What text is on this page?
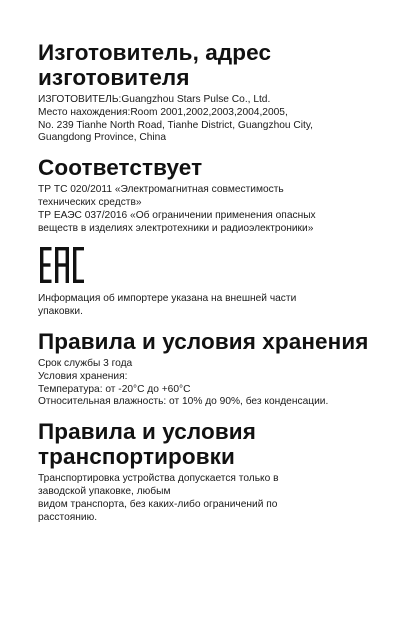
Изготовитель, адрес
изготовителя

ИЗГОТОВИТЕЛЬ:Guangzhou Stars Pulse Co., Ltd.
Место нахождения:Room 2001,2002,2003,2004,2005,
No. 239 Tianhe North Road, Tianhe District, Guangzhou City,
Guangdong Province, China

Соответствует

ТР ТС 020/2011 «Электромагнитная совместимость
технических средств»
ТР ЕАЭС 037/2016 «Об ограничении применения опасных
веществ в изделиях электротехники и радиоэлектроники»

Информация об импортере указана на внешней части
упаковки.

Правила и условия хранения

Срок службы 3 года
Условия хранения:
Температура: от -20°C до +60°C
Относительная влажность: от 10% до 90%, без конденсации.

Правила и условия
транспортировки

Транспортировка устройства допускается только в
заводской упаковке, любым
видом транспорта, без каких-либо ограничений по
расстоянию.
